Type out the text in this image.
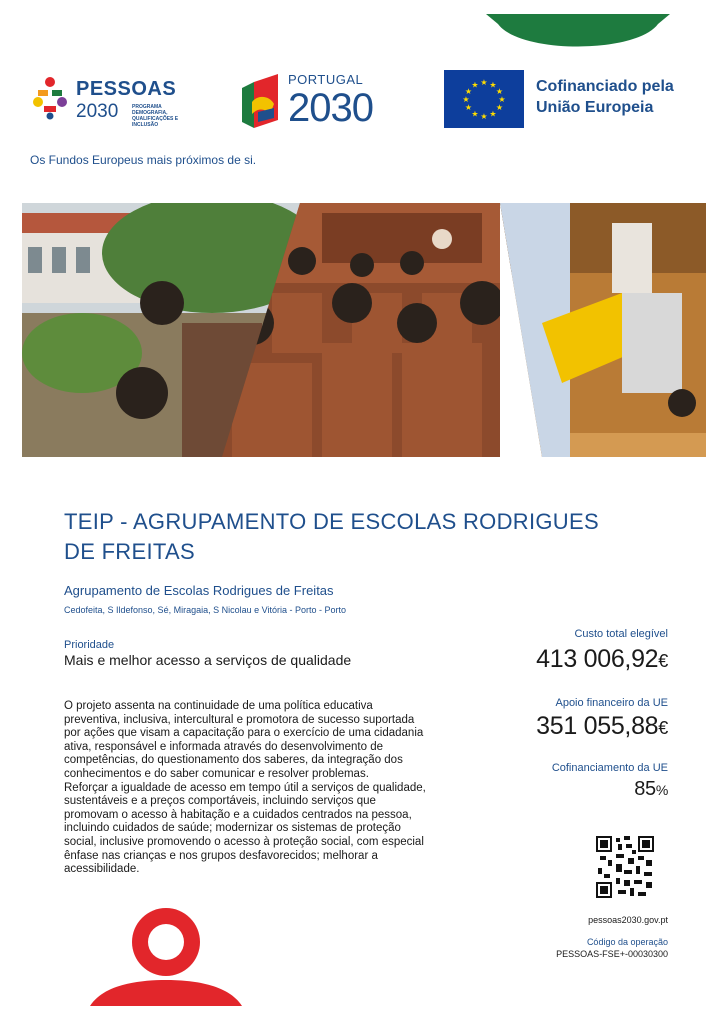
PESSOAS
2030	PROGRAMA DEMOGRAFIA, QUALIFICAÇÕES E INCLUSÃO
PORTUGAL
2030
★ ★
★
★
★
★
★
★
★
★
★
★	Cofinanciado pela
União Europeia
Os Fundos Europeus mais próximos de si.
TEIP - AGRUPAMENTO DE ESCOLAS RODRIGUES
DE FREITAS
Agrupamento de Escolas Rodrigues de Freitas
Cedofeita, S Ildefonso, Sé, Miragaia, S Nicolau e Vitória - Porto - Porto
Prioridade
Mais e melhor acesso a serviços de qualidade
O projeto assenta na continuidade de uma política educativa
preventiva, inclusiva, intercultural e promotora de sucesso suportada
por ações que visam a capacitação para o exercício de uma cidadania
ativa, responsável e informada através do desenvolvimento de
competências, do questionamento dos saberes, da integração dos
conhecimentos e do saber comunicar e resolver problemas.
Reforçar a igualdade de acesso em tempo útil a serviços de qualidade,
sustentáveis e a preços comportáveis, incluindo serviços que
promovam o acesso à habitação e a cuidados centrados na pessoa,
incluindo cuidados de saúde; modernizar os sistemas de proteção
social, inclusive promovendo o acesso à proteção social, com especial
ênfase nas crianças e nos grupos desfavorecidos; melhorar a
acessibilidade.
Custo total elegível
413 006,92€
Apoio financeiro da UE
351 055,88€
Cofinanciamento da UE
85%
pessoas2030.gov.pt
Código da operação
PESSOAS-FSE+-00030300
